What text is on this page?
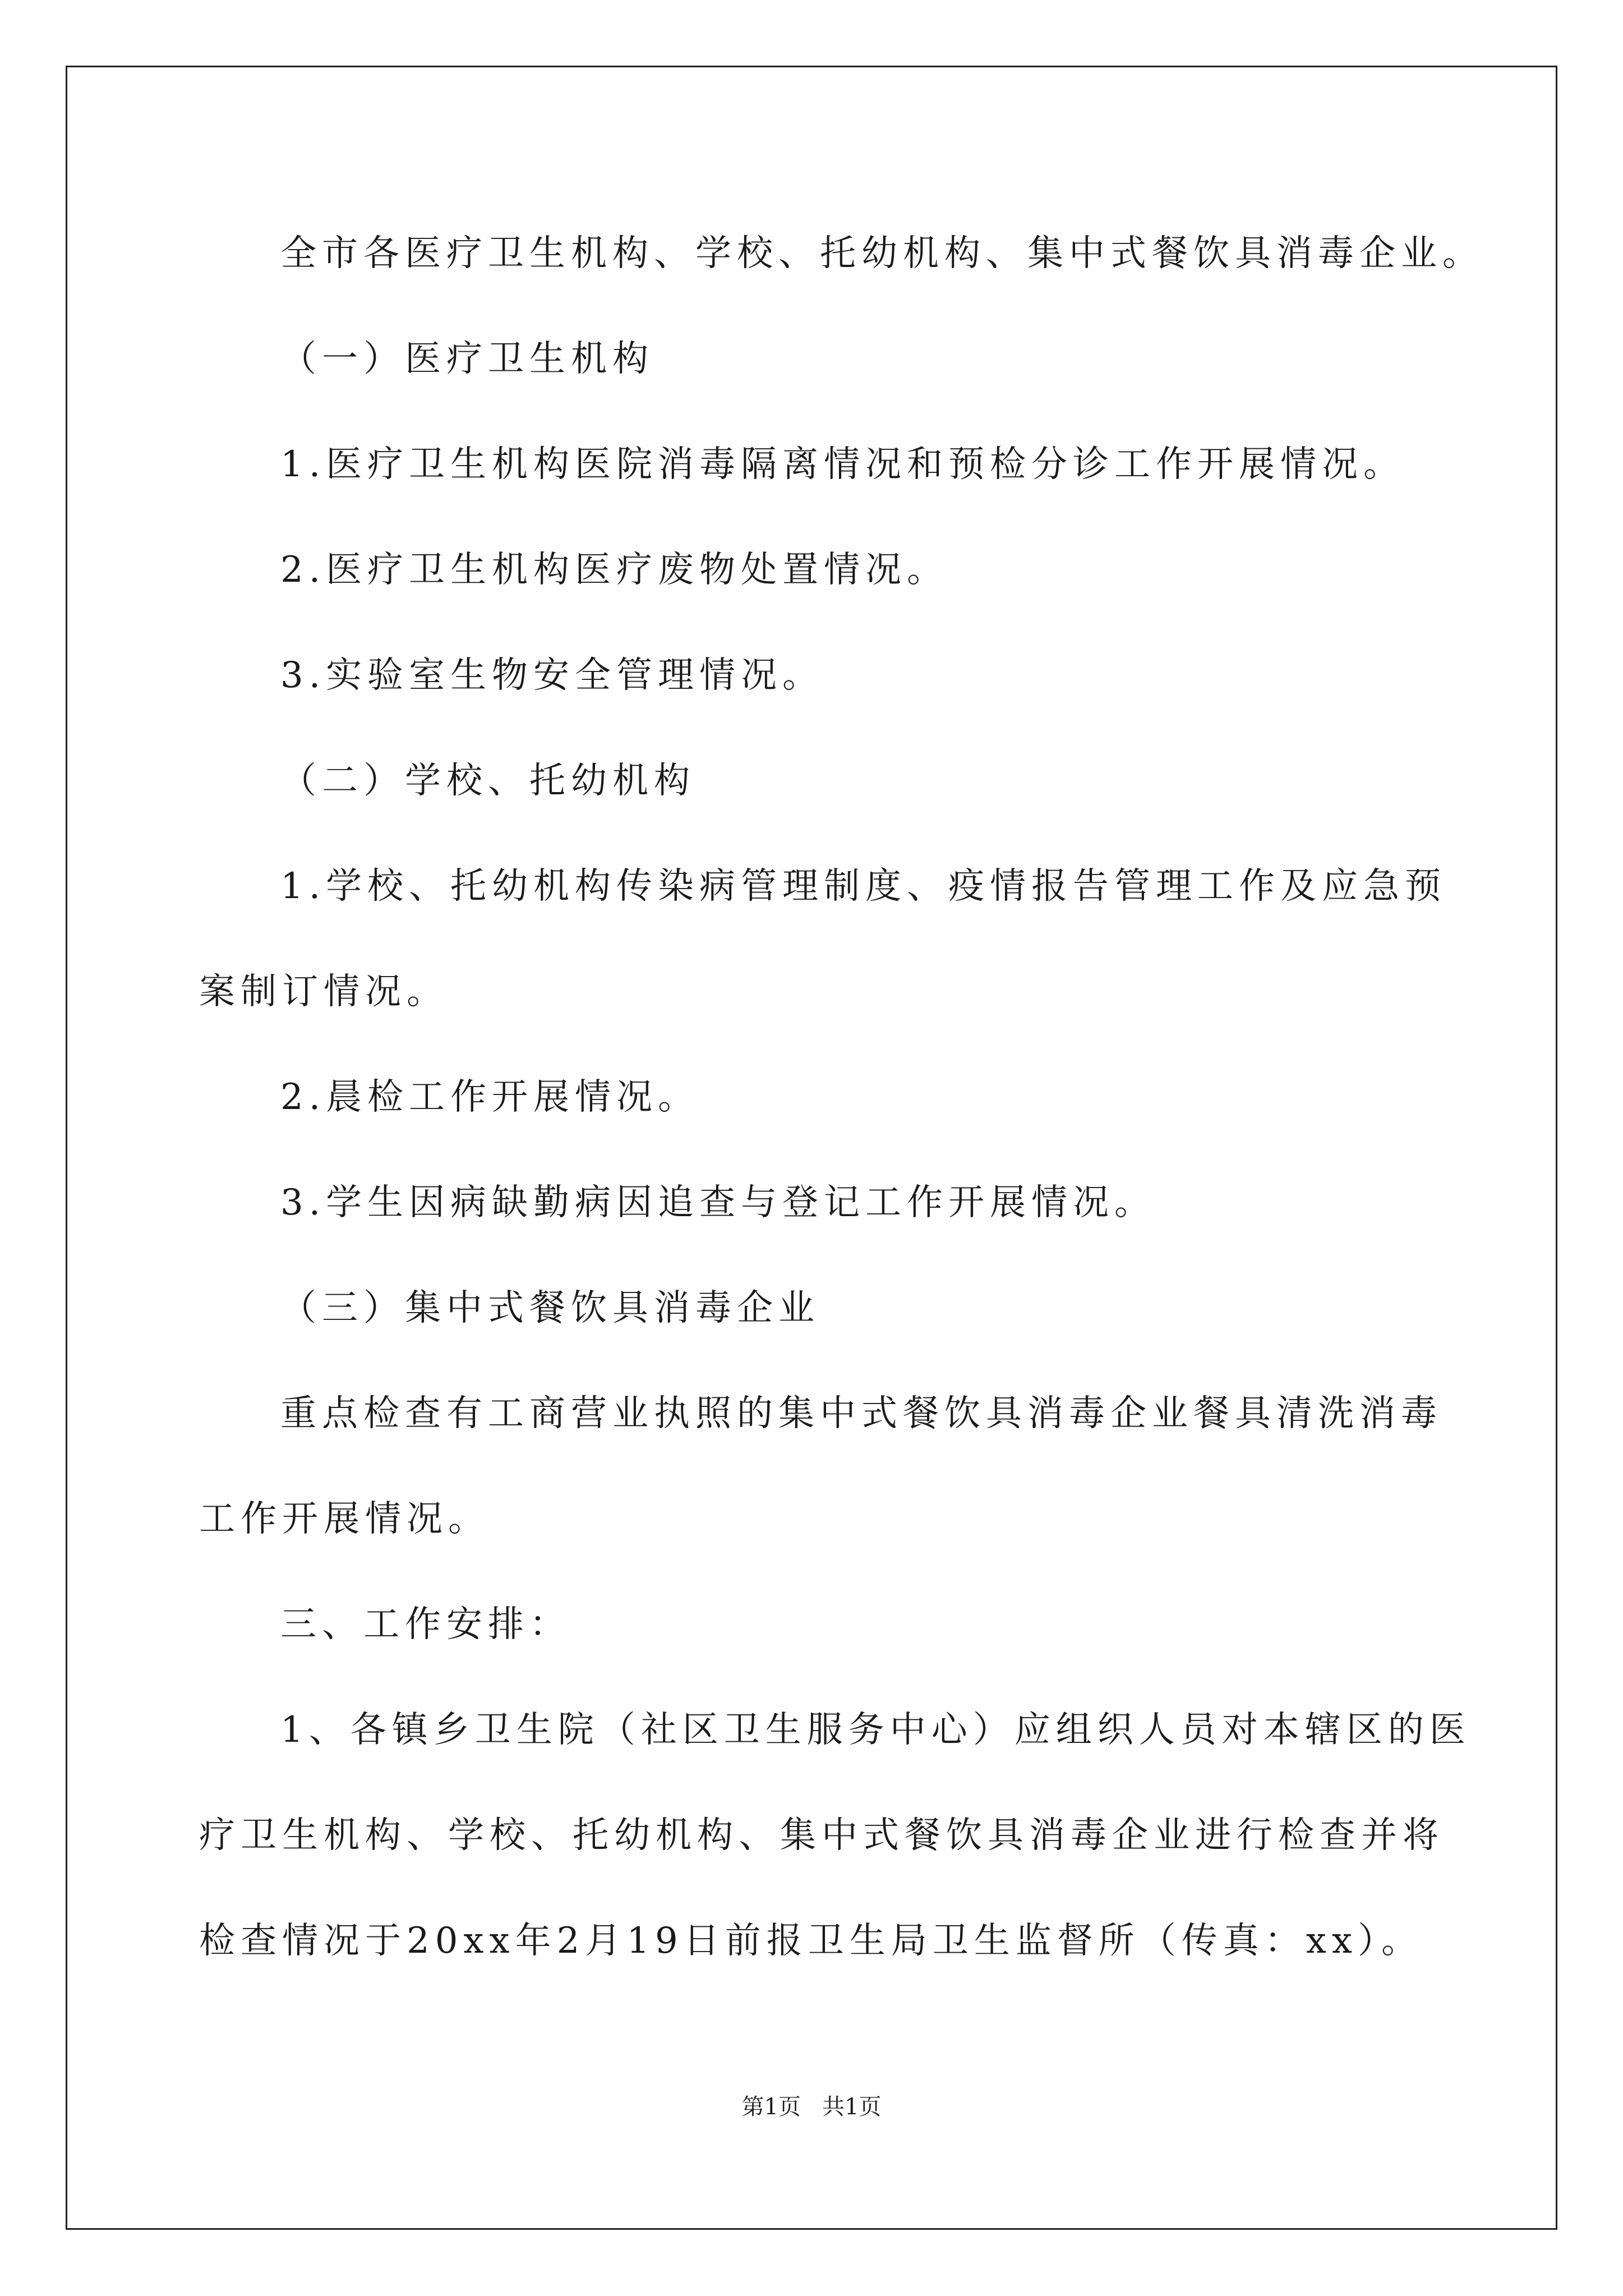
全市各医疗卫生机构、学校、托幼机构、集中式餐饮具消毒企业。

（一）医疗卫生机构

1.医疗卫生机构医院消毒隔离情况和预检分诊工作开展情况。

2.医疗卫生机构医疗废物处置情况。

3.实验室生物安全管理情况。

（二）学校、托幼机构

1.学校、托幼机构传染病管理制度、疫情报告管理工作及应急预

案制订情况。

2.晨检工作开展情况。

3.学生因病缺勤病因追查与登记工作开展情况。

（三）集中式餐饮具消毒企业

重点检查有工商营业执照的集中式餐饮具消毒企业餐具清洗消毒

工作开展情况。

三、工作安排：

1、各镇乡卫生院（社区卫生服务中心）应组织人员对本辖区的医

疗卫生机构、学校、托幼机构、集中式餐饮具消毒企业进行检查并将

检查情况于20xx年2月19日前报卫生局卫生监督所（传真：xx）。

第1页   共1页
